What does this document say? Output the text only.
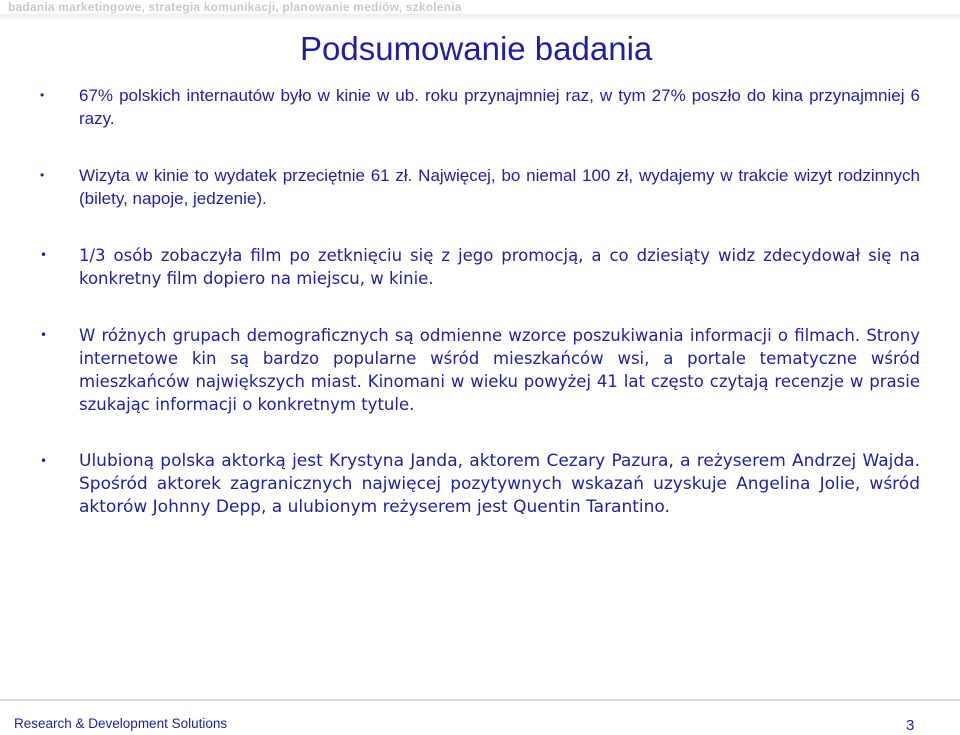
badania marketingowe, strategia komunikacji, planowanie mediów, szkolenia
Podsumowanie badania
• 67% polskich internautów było w kinie w ub. roku przynajmniej raz, w tym 27% poszło do kina przynajmniej 6 razy.
• Wizyta w kinie to wydatek przeciętnie 61 zł. Najwięcej, bo niemal 100 zł, wydajemy w trakcie wizyt rodzinnych (bilety, napoje, jedzenie).
• 1/3 osób zobaczyła film po zetknięciu się z jego promocją, a co dziesiąty widz zdecydował się na konkretny film dopiero na miejscu, w kinie.
• W różnych grupach demograficznych są odmienne wzorce poszukiwania informacji o filmach. Strony internetowe kin są bardzo popularne wśród mieszkańców wsi, a portale tematyczne wśród mieszkańców największych miast. Kinomani w wieku powyżej 41 lat często czytają recenzje w prasie szukając informacji o konkretnym tytule.
• Ulubioną polska aktorką jest Krystyna Janda, aktorem Cezary Pazura, a reżyserem Andrzej Wajda. Spośród aktorek zagranicznych najwięcej pozytywnych wskazań uzyskuje Angelina Jolie, wśród aktorów Johnny Depp, a ulubionym reżyserem jest Quentin Tarantino.
Research & Development Solutions	3
